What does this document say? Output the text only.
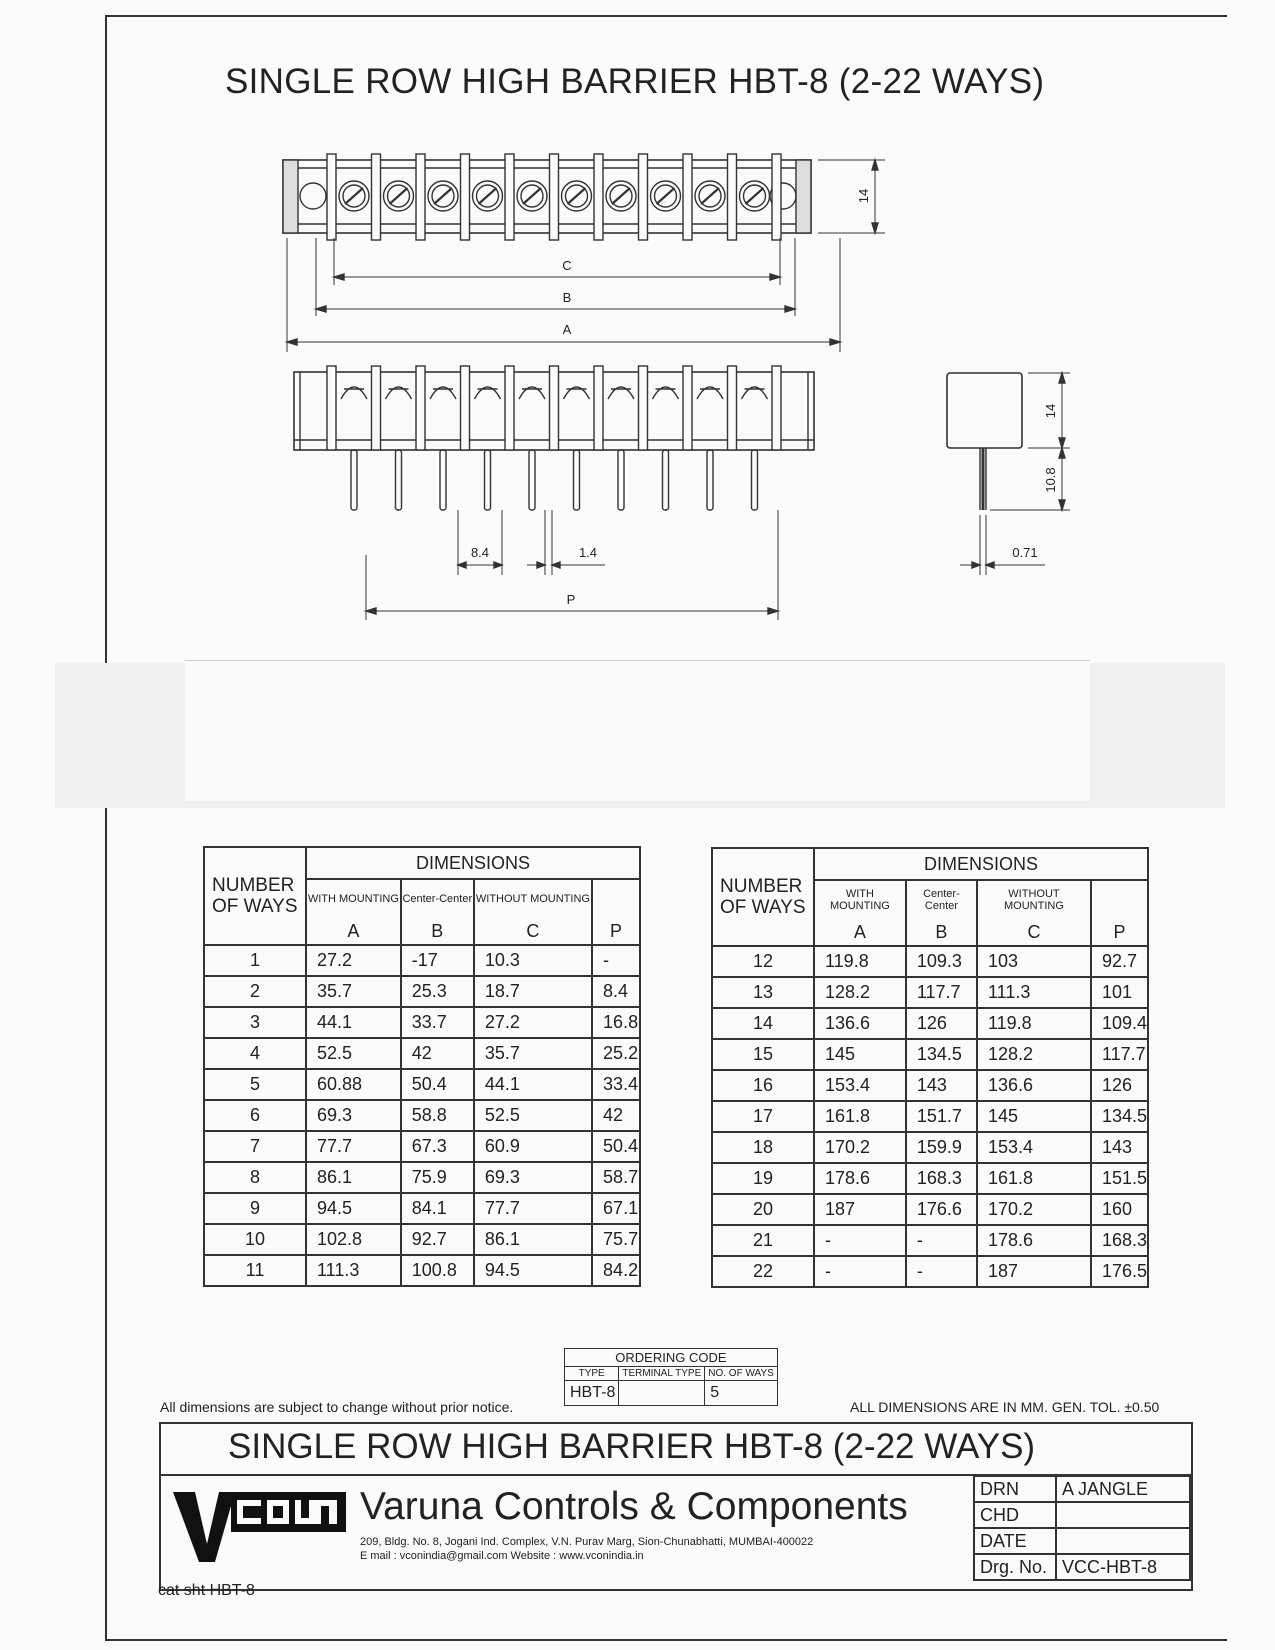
SINGLE ROW HIGH BARRIER HBT-8 (2-22 WAYS)
14
C
B
A
8.4	1.4
P
14
10.8
0.71
NUMBER OF WAYS	DIMENSIONS			
	WITH MOUNTING	Center-Center	WITHOUT MOUNTING	
	A	B	C	P
1	27.2	-17	10.3	-
2	35.7	25.3	18.7	8.4
3	44.1	33.7	27.2	16.8
4	52.5	42	35.7	25.2
5	60.88	50.4	44.1	33.4
6	69.3	58.8	52.5	42
7	77.7	67.3	60.9	50.4
8	86.1	75.9	69.3	58.7
9	94.5	84.1	77.7	67.1
10	102.8	92.7	86.1	75.7
11	111.3	100.8	94.5	84.2
NUMBER OF WAYS	DIMENSIONS			
	WITH MOUNTING	Center-Center	WITHOUT MOUNTING	
	A	B	C	P
12	119.8	109.3	103	92.7
13	128.2	117.7	111.3	101
14	136.6	126	119.8	109.4
15	145	134.5	128.2	117.7
16	153.4	143	136.6	126
17	161.8	151.7	145	134.5
18	170.2	159.9	153.4	143
19	178.6	168.3	161.8	151.5
20	187	176.6	170.2	160
21	-	-	178.6	168.3
22	-	-	187	176.5
ORDERING CODE		
TYPE	TERMINAL TYPE	NO. OF WAYS
HBT-8		5
All dimensions are subject to change without prior notice.	ALL DIMENSIONS ARE IN MM. GEN. TOL. ±0.50
SINGLE ROW HIGH BARRIER HBT-8 (2-22 WAYS)
Varuna Controls & Components
209, Bldg. No. 8, Jogani Ind. Complex, V.N. Purav Marg, Sion-Chunabhatti, MUMBAI-400022
E mail : vconindia@gmail.com Website : www.vconindia.in
DRN	A JANGLE
CHD	
DATE	
Drg. No.	VCC-HBT-8
cat sht HBT-8
